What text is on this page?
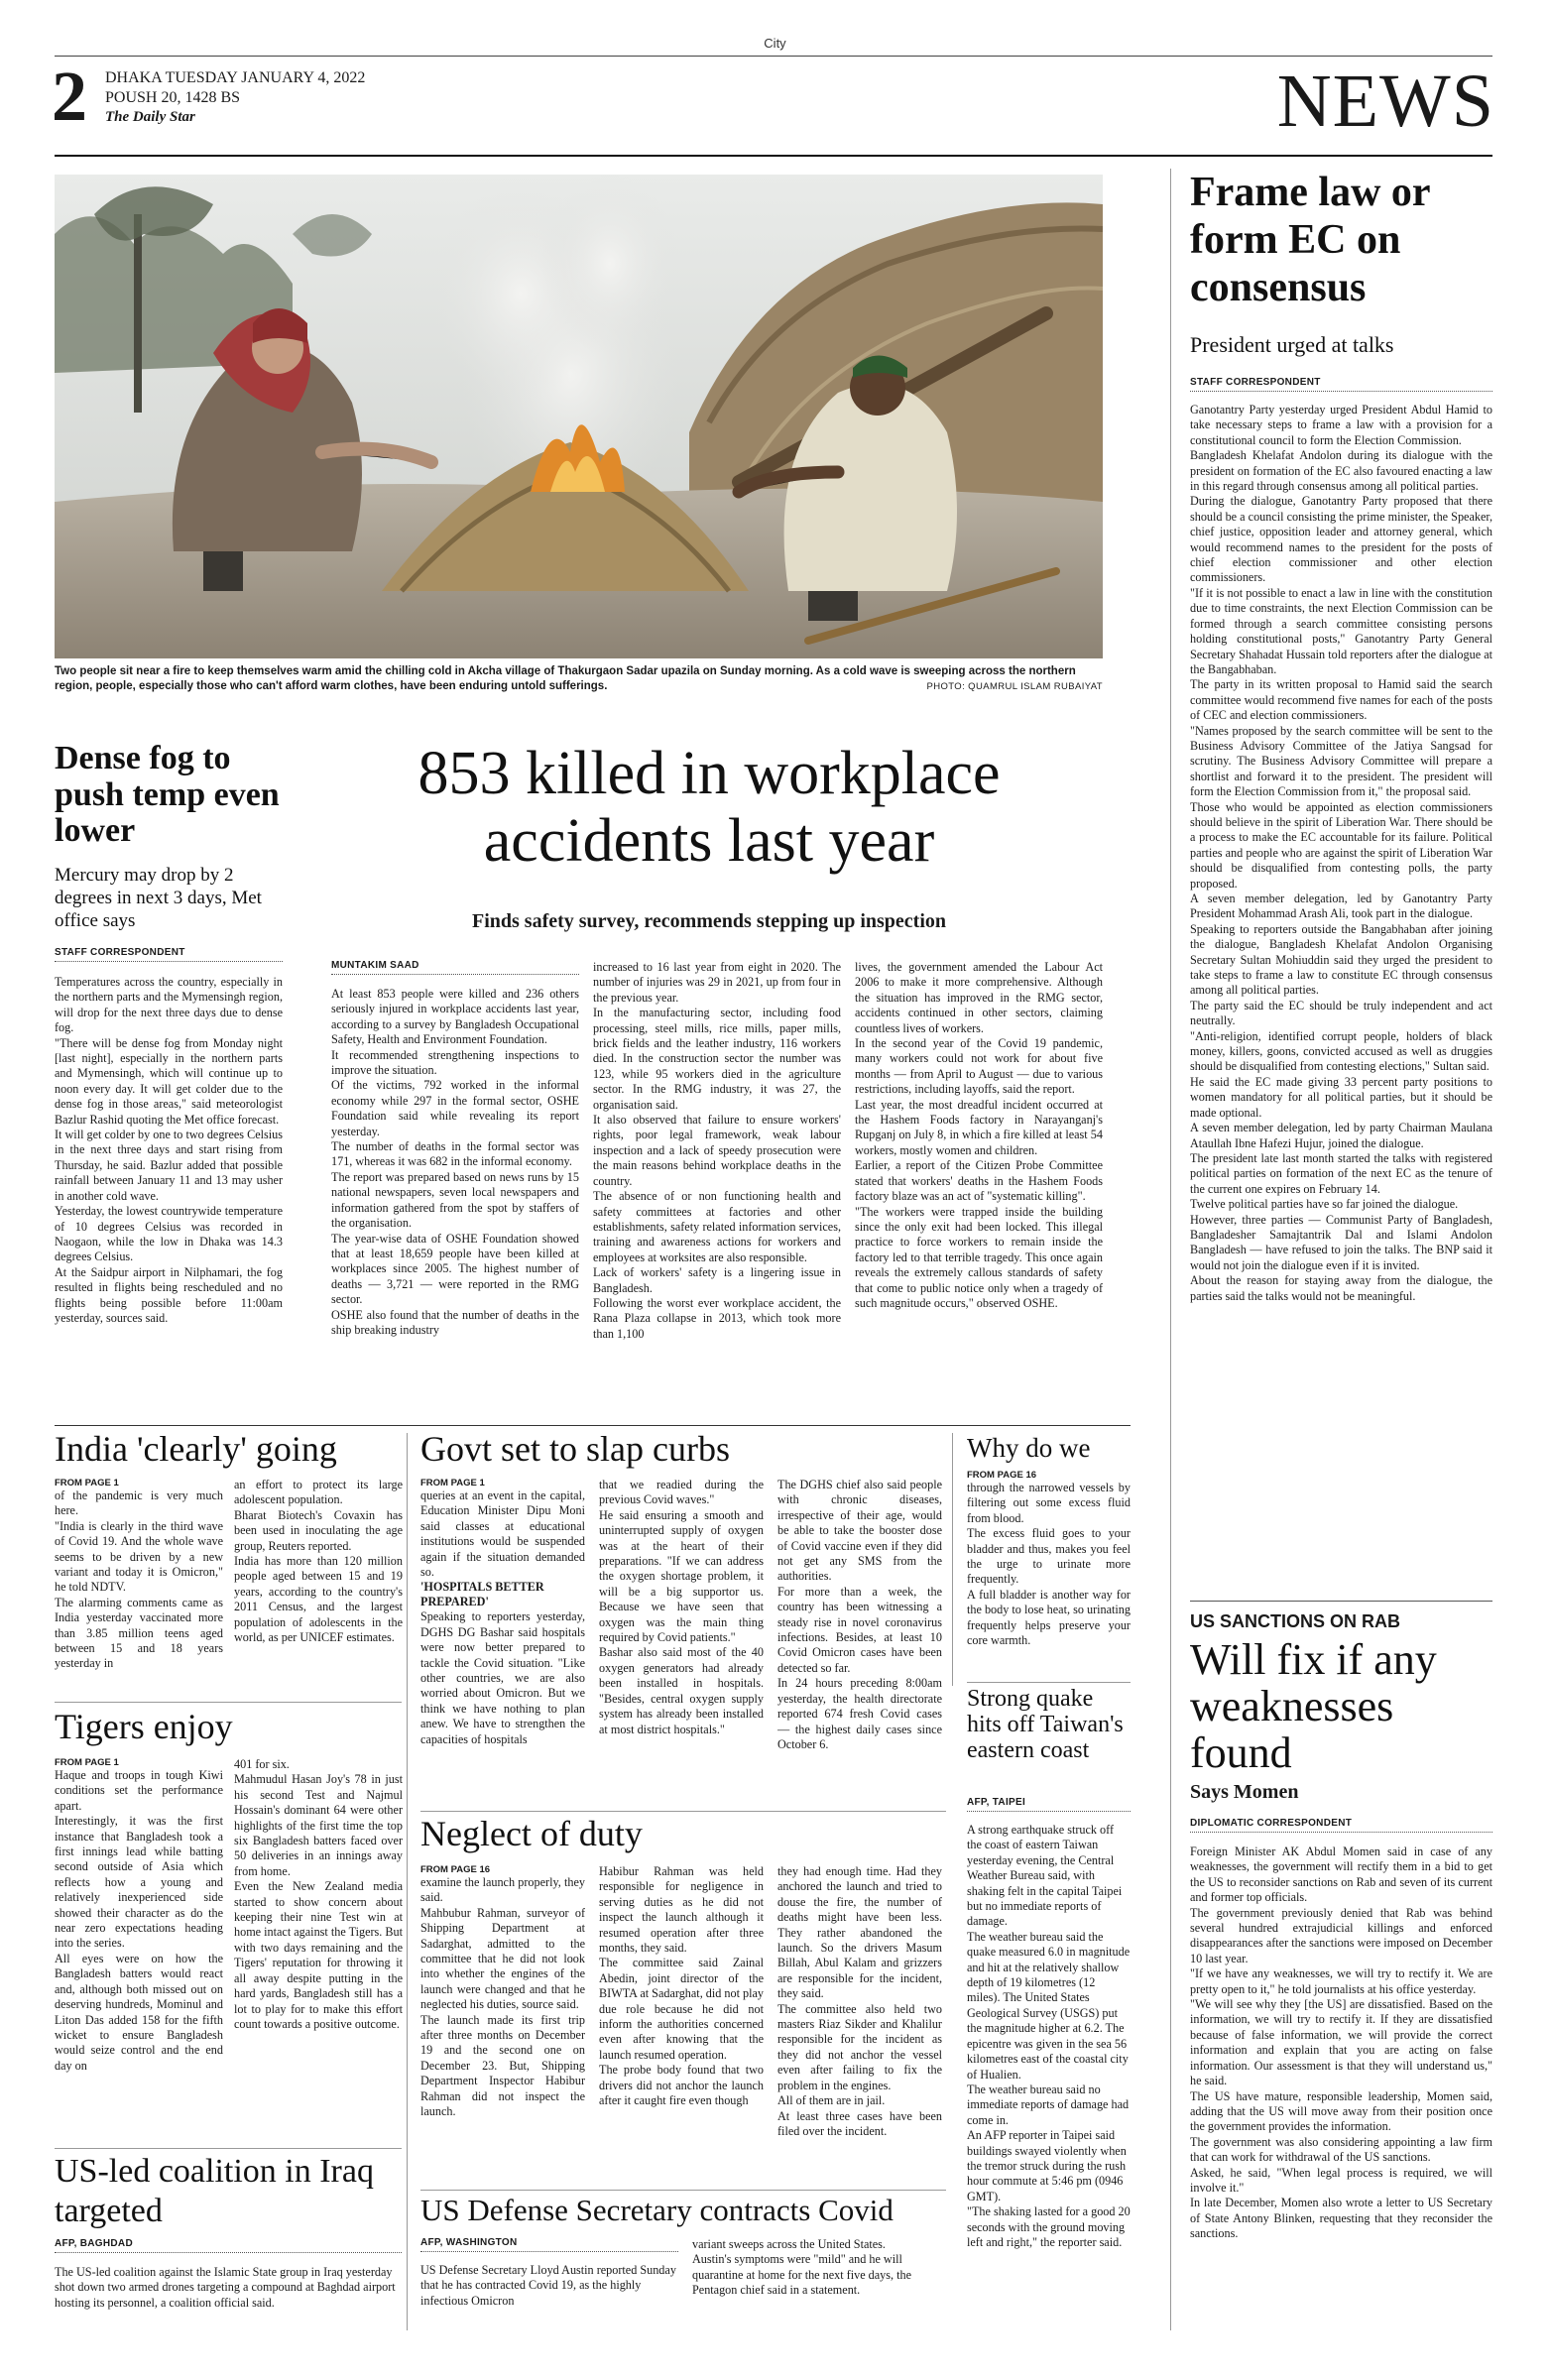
City
2 DHAKA TUESDAY JANUARY 4, 2022
POUSH 20, 1428 BS
The Daily Star	NEWS
Two people sit near a fire to keep themselves warm amid the chilling cold in Akcha village of Thakurgaon Sadar upazila on Sunday morning. As a cold wave is sweeping across the northern region, people, especially those who can't afford warm clothes, have been enduring untold sufferings.	PHOTO: QUAMRUL ISLAM RUBAIYAT
Dense fog to push temp even lower
Mercury may drop by 2 degrees in next 3 days, Met office says
STAFF CORRESPONDENT
Temperatures across the country, especially in the northern parts and the Mymensingh region, will drop for the next three days due to dense fog.
"There will be dense fog from Monday night [last night], especially in the northern parts and Mymensingh, which will continue up to noon every day. It will get colder due to the dense fog in those areas," said meteorologist Bazlur Rashid quoting the Met office forecast.
It will get colder by one to two degrees Celsius in the next three days and start rising from Thursday, he said. Bazlur added that possible rainfall between January 11 and 13 may usher in another cold wave.
Yesterday, the lowest countrywide temperature of 10 degrees Celsius was recorded in Naogaon, while the low in Dhaka was 14.3 degrees Celsius.
At the Saidpur airport in Nilphamari, the fog resulted in flights being rescheduled and no flights being possible before 11:00am yesterday, sources said.
853 killed in workplace accidents last year
Finds safety survey, recommends stepping up inspection
MUNTAKIM SAAD
At least 853 people were killed and 236 others seriously injured in workplace accidents last year, according to a survey by Bangladesh Occupational Safety, Health and Environment Foundation.
It recommended strengthening inspections to improve the situation.
Of the victims, 792 worked in the informal economy while 297 in the formal sector, OSHE Foundation said while revealing its report yesterday.
The number of deaths in the formal sector was 171, whereas it was 682 in the informal economy.
The report was prepared based on news runs by 15 national newspapers, seven local newspapers and information gathered from the spot by staffers of the organisation.
The year-wise data of OSHE Foundation showed that at least 18,659 people have been killed at workplaces since 2005. The highest number of deaths — 3,721 — were reported in the RMG sector.
OSHE also found that the number of deaths in the ship breaking industry
increased to 16 last year from eight in 2020. The number of injuries was 29 in 2021, up from four in the previous year.
In the manufacturing sector, including food processing, steel mills, rice mills, paper mills, brick fields and the leather industry, 116 workers died. In the construction sector the number was 123, while 95 workers died in the agriculture sector. In the RMG industry, it was 27, the organisation said.
It also observed that failure to ensure workers' rights, poor legal framework, weak labour inspection and a lack of speedy prosecution were the main reasons behind workplace deaths in the country.
The absence of or non functioning health and safety committees at factories and other establishments, safety related information services, training and awareness actions for workers and employees at worksites are also responsible.
Lack of workers' safety is a lingering issue in Bangladesh.
Following the worst ever workplace accident, the Rana Plaza collapse in 2013, which took more than 1,100
lives, the government amended the Labour Act 2006 to make it more comprehensive. Although the situation has improved in the RMG sector, accidents continued in other sectors, claiming countless lives of workers.
In the second year of the Covid 19 pandemic, many workers could not work for about five months — from April to August — due to various restrictions, including layoffs, said the report.
Last year, the most dreadful incident occurred at the Hashem Foods factory in Narayanganj's Rupganj on July 8, in which a fire killed at least 54 workers, mostly women and children.
Earlier, a report of the Citizen Probe Committee stated that workers' deaths in the Hashem Foods factory blaze was an act of "systematic killing".
"The workers were trapped inside the building since the only exit had been locked. This illegal practice to force workers to remain inside the factory led to that terrible tragedy. This once again reveals the extremely callous standards of safety that come to public notice only when a tragedy of such magnitude occurs," observed OSHE.
Frame law or form EC on consensus
President urged at talks
STAFF CORRESPONDENT
Ganotantry Party yesterday urged President Abdul Hamid to take necessary steps to frame a law with a provision for a constitutional council to form the Election Commission.
Bangladesh Khelafat Andolon during its dialogue with the president on formation of the EC also favoured enacting a law in this regard through consensus among all political parties.
During the dialogue, Ganotantry Party proposed that there should be a council consisting the prime minister, the Speaker, chief justice, opposition leader and attorney general, which would recommend names to the president for the posts of chief election commissioner and other election commissioners.
"If it is not possible to enact a law in line with the constitution due to time constraints, the next Election Commission can be formed through a search committee consisting persons holding constitutional posts," Ganotantry Party General Secretary Shahadat Hussain told reporters after the dialogue at the Bangabhaban.
The party in its written proposal to Hamid said the search committee would recommend five names for each of the posts of CEC and election commissioners.
"Names proposed by the search committee will be sent to the Business Advisory Committee of the Jatiya Sangsad for scrutiny. The Business Advisory Committee will prepare a shortlist and forward it to the president. The president will form the Election Commission from it," the proposal said.
Those who would be appointed as election commissioners should believe in the spirit of Liberation War. There should be a process to make the EC accountable for its failure. Political parties and people who are against the spirit of Liberation War should be disqualified from contesting polls, the party proposed.
A seven member delegation, led by Ganotantry Party President Mohammad Arash Ali, took part in the dialogue.
Speaking to reporters outside the Bangabhaban after joining the dialogue, Bangladesh Khelafat Andolon Organising Secretary Sultan Mohiuddin said they urged the president to take steps to frame a law to constitute EC through consensus among all political parties.
The party said the EC should be truly independent and act neutrally.
"Anti-religion, identified corrupt people, holders of black money, killers, goons, convicted accused as well as druggies should be disqualified from contesting elections," Sultan said.
He said the EC made giving 33 percent party positions to women mandatory for all political parties, but it should be made optional.
A seven member delegation, led by party Chairman Maulana Ataullah Ibne Hafezi Hujur, joined the dialogue.
The president late last month started the talks with registered political parties on formation of the next EC as the tenure of the current one expires on February 14.
Twelve political parties have so far joined the dialogue.
However, three parties — Communist Party of Bangladesh, Bangladesher Samajtantrik Dal and Islami Andolon Bangladesh — have refused to join the talks. The BNP said it would not join the dialogue even if it is invited.
About the reason for staying away from the dialogue, the parties said the talks would not be meaningful.
US SANCTIONS ON RAB
Will fix if any weaknesses found
Says Momen
DIPLOMATIC CORRESPONDENT
Foreign Minister AK Abdul Momen said in case of any weaknesses, the government will rectify them in a bid to get the US to reconsider sanctions on Rab and seven of its current and former top officials.
The government previously denied that Rab was behind several hundred extrajudicial killings and enforced disappearances after the sanctions were imposed on December 10 last year.
"If we have any weaknesses, we will try to rectify it. We are pretty open to it," he told journalists at his office yesterday.
"We will see why they [the US] are dissatisfied. Based on the information, we will try to rectify it. If they are dissatisfied because of false information, we will provide the correct information and explain that you are acting on false information. Our assessment is that they will understand us," he said.
The US have mature, responsible leadership, Momen said, adding that the US will move away from their position once the government provides the information.
The government was also considering appointing a law firm that can work for withdrawal of the US sanctions.
Asked, he said, "When legal process is required, we will involve it."
In late December, Momen also wrote a letter to US Secretary of State Antony Blinken, requesting that they reconsider the sanctions.
India 'clearly' going
FROM PAGE 1
of the pandemic is very much here.
"India is clearly in the third wave of Covid 19. And the whole wave seems to be driven by a new variant and today it is Omicron," he told NDTV.
The alarming comments came as India yesterday vaccinated more than 3.85 million teens aged between 15 and 18 years yesterday in
an effort to protect its large adolescent population.
Bharat Biotech's Covaxin has been used in inoculating the age group, Reuters reported.
India has more than 120 million people aged between 15 and 19 years, according to the country's 2011 Census, and the largest population of adolescents in the world, as per UNICEF estimates.
Tigers enjoy
FROM PAGE 1
Haque and troops in tough Kiwi conditions set the performance apart.
Interestingly, it was the first instance that Bangladesh took a first innings lead while batting second outside of Asia which reflects how a young and relatively inexperienced side showed their character as do the near zero expectations heading into the series.
All eyes were on how the Bangladesh batters would react and, although both missed out on deserving hundreds, Mominul and Liton Das added 158 for the fifth wicket to ensure Bangladesh would seize control and the end day on
401 for six.
Mahmudul Hasan Joy's 78 in just his second Test and Najmul Hossain's dominant 64 were other highlights of the first time the top six Bangladesh batters faced over 50 deliveries in an innings away from home.
Even the New Zealand media started to show concern about keeping their nine Test win at home intact against the Tigers. But with two days remaining and the Tigers' reputation for throwing it all away despite putting in the hard yards, Bangladesh still has a lot to play for to make this effort count towards a positive outcome.
US-led coalition in Iraq targeted
AFP, BAGHDAD
The US-led coalition against the Islamic State group in Iraq yesterday shot down two armed drones targeting a compound at Baghdad airport hosting its personnel, a coalition official said.
Govt set to slap curbs
FROM PAGE 1
queries at an event in the capital, Education Minister Dipu Moni said classes at educational institutions would be suspended again if the situation demanded so.
'HOSPITALS BETTER PREPARED'
Speaking to reporters yesterday, DGHS DG Bashar said hospitals were now better prepared to tackle the Covid situation. "Like other countries, we are also worried about Omicron. But we think we have nothing to plan anew. We have to strengthen the capacities of hospitals
that we readied during the previous Covid waves."
He said ensuring a smooth and uninterrupted supply of oxygen was at the heart of their preparations. "If we can address the oxygen shortage problem, it will be a big supportor us. Because we have seen that oxygen was the main thing required by Covid patients."
Bashar also said most of the 40 oxygen generators had already been installed in hospitals. "Besides, central oxygen supply system has already been installed at most district hospitals."
The DGHS chief also said people with chronic diseases, irrespective of their age, would be able to take the booster dose of Covid vaccine even if they did not get any SMS from the authorities.
For more than a week, the country has been witnessing a steady rise in novel coronavirus infections. Besides, at least 10 Covid Omicron cases have been detected so far.
In 24 hours preceding 8:00am yesterday, the health directorate reported 674 fresh Covid cases — the highest daily cases since October 6.
Neglect of duty
FROM PAGE 16
examine the launch properly, they said.
Mahbubur Rahman, surveyor of Shipping Department at Sadarghat, admitted to the committee that he did not look into whether the engines of the launch were changed and that he neglected his duties, source said.
The launch made its first trip after three months on December 19 and the second one on December 23. But, Shipping Department Inspector Habibur Rahman did not inspect the launch.
Habibur Rahman was held responsible for negligence in serving duties as he did not inspect the launch although it resumed operation after three months, they said.
The committee said Zainal Abedin, joint director of the BIWTA at Sadarghat, did not play due role because he did not inform the authorities concerned even after knowing that the launch resumed operation.
The probe body found that two drivers did not anchor the launch after it caught fire even though
they had enough time. Had they anchored the launch and tried to douse the fire, the number of deaths might have been less. They rather abandoned the launch. So the drivers Masum Billah, Abul Kalam and grizzers are responsible for the incident, they said.
The committee also held two masters Riaz Sikder and Khalilur responsible for the incident as they did not anchor the vessel even after failing to fix the problem in the engines.
All of them are in jail.
At least three cases have been filed over the incident.
US Defense Secretary contracts Covid
AFP, WASHINGTON
US Defense Secretary Lloyd Austin reported Sunday that he has contracted Covid 19, as the highly infectious Omicron
variant sweeps across the United States.
Austin's symptoms were "mild" and he will quarantine at home for the next five days, the Pentagon chief said in a statement.
Why do we
FROM PAGE 16
through the narrowed vessels by filtering out some excess fluid from blood.
The excess fluid goes to your bladder and thus, makes you feel the urge to urinate more frequently.
A full bladder is another way for the body to lose heat, so urinating frequently helps preserve your core warmth.
Strong quake hits off Taiwan's eastern coast
AFP, TAIPEI
A strong earthquake struck off the coast of eastern Taiwan yesterday evening, the Central Weather Bureau said, with shaking felt in the capital Taipei but no immediate reports of damage.
The weather bureau said the quake measured 6.0 in magnitude and hit at the relatively shallow depth of 19 kilometres (12 miles). The United States Geological Survey (USGS) put the magnitude higher at 6.2. The epicentre was given in the sea 56 kilometres east of the coastal city of Hualien.
The weather bureau said no immediate reports of damage had come in.
An AFP reporter in Taipei said buildings swayed violently when the tremor struck during the rush hour commute at 5:46 pm (0946 GMT).
"The shaking lasted for a good 20 seconds with the ground moving left and right," the reporter said.
